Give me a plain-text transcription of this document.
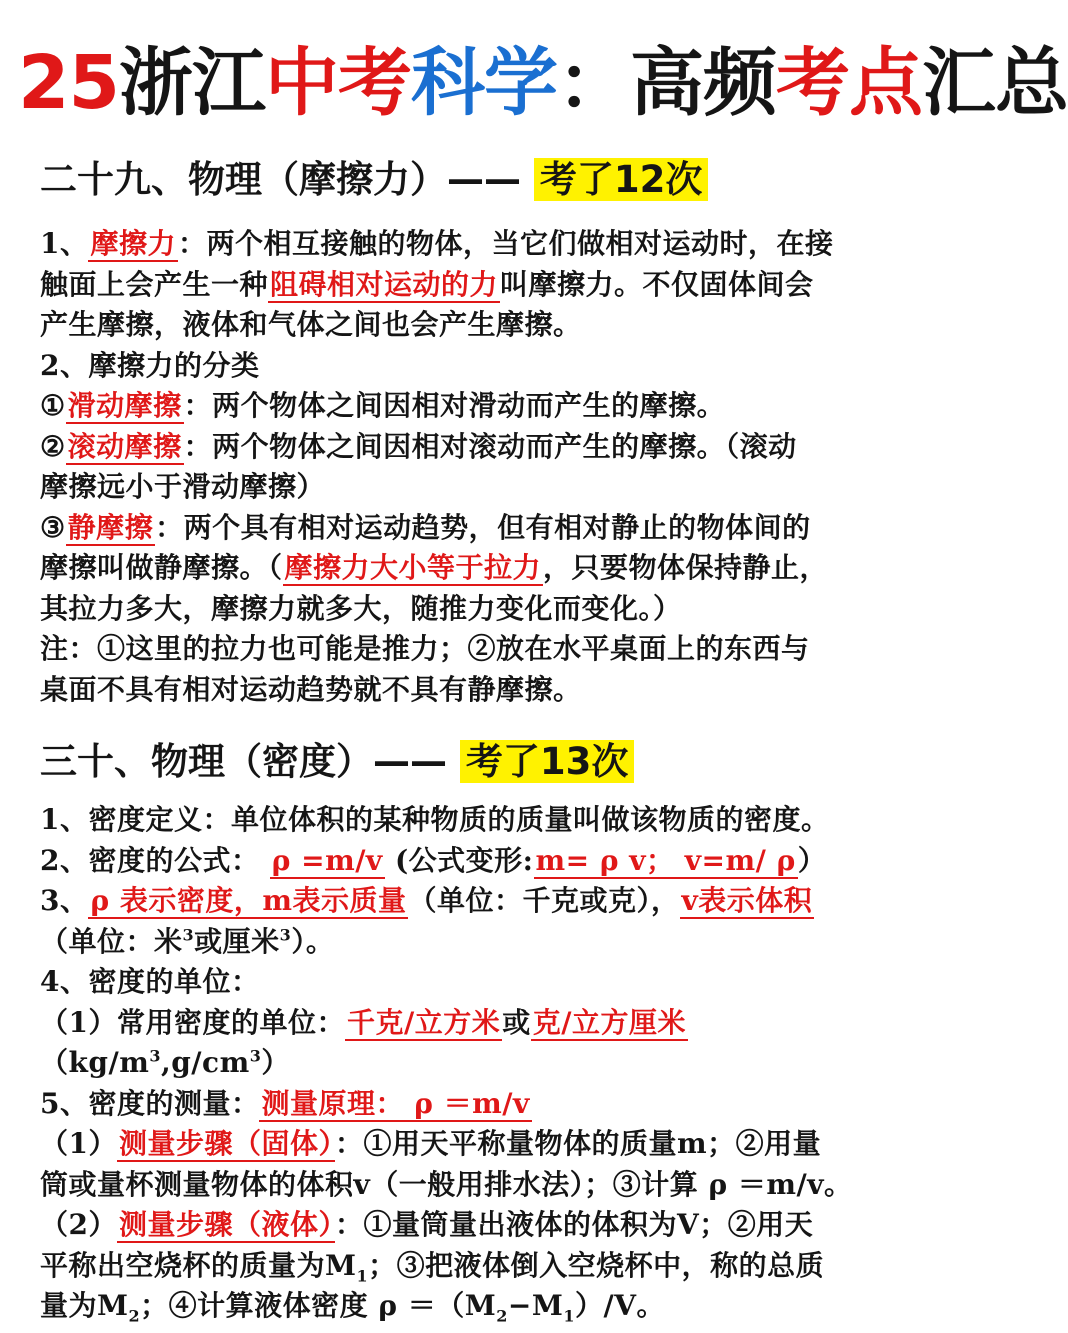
25浙江中考科学：高频考点汇总
二十九、物理（摩擦力）—— 考了12次
1、摩擦力：两个相互接触的物体，当它们做相对运动时，在接
触面上会产生一种阻碍相对运动的力叫摩擦力。不仅固体间会
产生摩擦，液体和气体之间也会产生摩擦。
2、摩擦力的分类
①滑动摩擦：两个物体之间因相对滑动而产生的摩擦。
②滚动摩擦：两个物体之间因相对滚动而产生的摩擦。（滚动
摩擦远小于滑动摩擦）
③静摩擦：两个具有相对运动趋势，但有相对静止的物体间的
摩擦叫做静摩擦。（摩擦力大小等于拉力，只要物体保持静止，
其拉力多大，摩擦力就多大，随推力变化而变化。）
注：①这里的拉力也可能是推力；②放在水平桌面上的东西与
桌面不具有相对运动趋势就不具有静摩擦。
三十、物理（密度）—— 考了13次
1、密度定义：单位体积的某种物质的质量叫做该物质的密度。
2、密度的公式： ρ =m/v (公式变形:m= ρ v； v=m/ ρ）
3、ρ 表示密度，m表示质量（单位：千克或克），v表示体积
（单位：米$^3$或厘米$^3$）。
4、密度的单位：
（1）常用密度的单位：千克/立方米或克/立方厘米
$(kg/m^3,g/cm^3)$
5、密度的测量：测量原理： ρ ＝m/v
（1）测量步骤（固体）：①用天平称量物体的质量m；②用量
筒或量杯测量物体的体积v（一般用排水法）；③计算 ρ ＝m/v。
（2）测量步骤（液体）：①量筒量出液体的体积为V；②用天
平称出空烧杯的质量为$M_1$；③把液体倒入空烧杯中，称的总质
量为$M_2$；④计算液体密度 $\rho =(M_2-M_1)/V$。
